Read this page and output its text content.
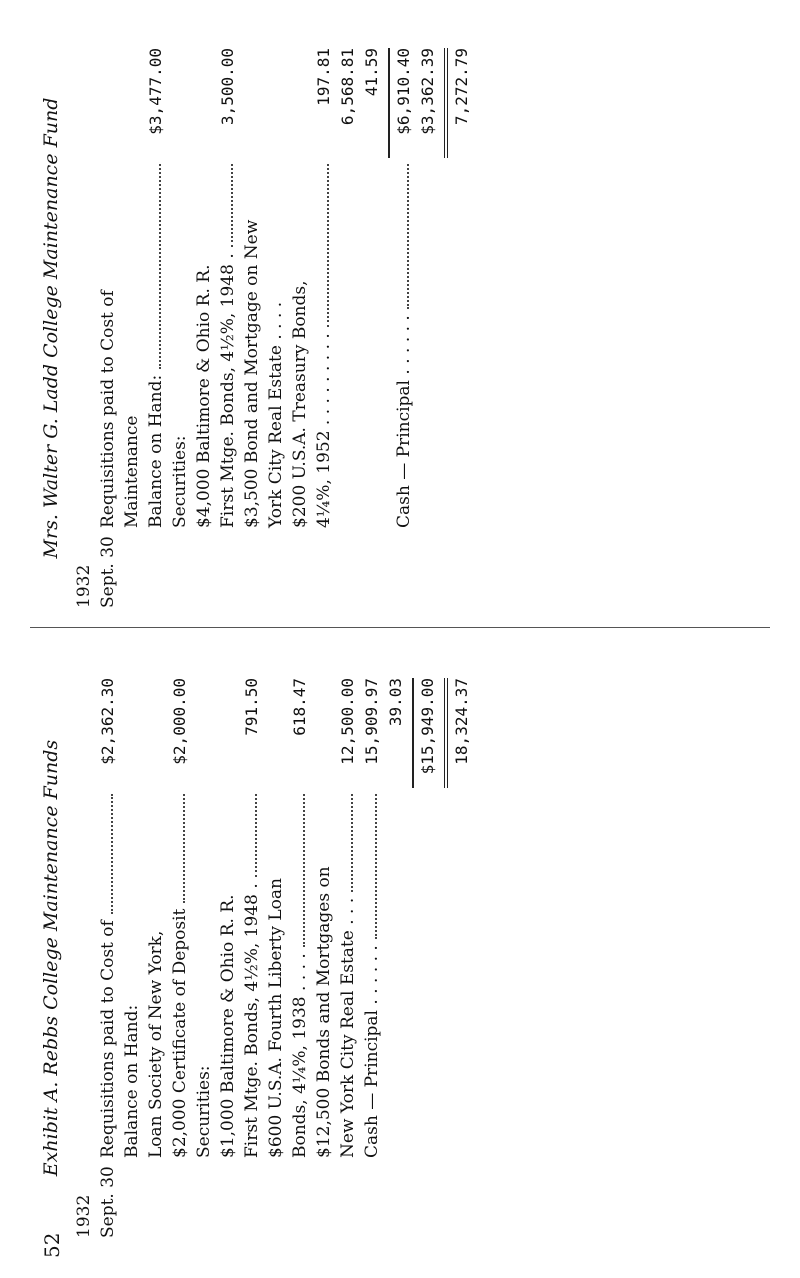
52
Exhibit A. Rebbs College Maintenance Funds
1932 Sept. 30
Requisitions paid to Cost of
$2,362.30
Balance on Hand: Loan Society of New York, $2,000 Certificate of Deposit
$2,000.00
Securities: $1,000 Baltimore & Ohio R. R. First Mtge. Bonds, 4½%, 1948 .
791.50
$600 U.S.A. Fourth Liberty Loan Bonds, 4¼%, 1938 . . . .
618.47
$12,500 Bonds and Mortgages on New York City Real Estate . . .
12,500.00
Cash — Principal . . . . . .
15,909.97 39.03 $15,949.00 18,324.37
Mrs. Walter G. Ladd College Maintenance Fund
1932 Sept. 30
Requisitions paid to Cost of Maintenance Balance on Hand:
$3,477.00
Securities: $4,000 Baltimore & Ohio R. R. First Mtge. Bonds, 4½%, 1948 .
3,500.00
$3,500 Bond and Mortgage on New York City Real Estate . . . . $200 U.S.A. Treasury Bonds, 4¼%, 1952 . . . . . . . . .
197.81 6,568.81 41.59
Cash — Principal . . . . . .
$6,910.40 $3,362.39 7,272.79
